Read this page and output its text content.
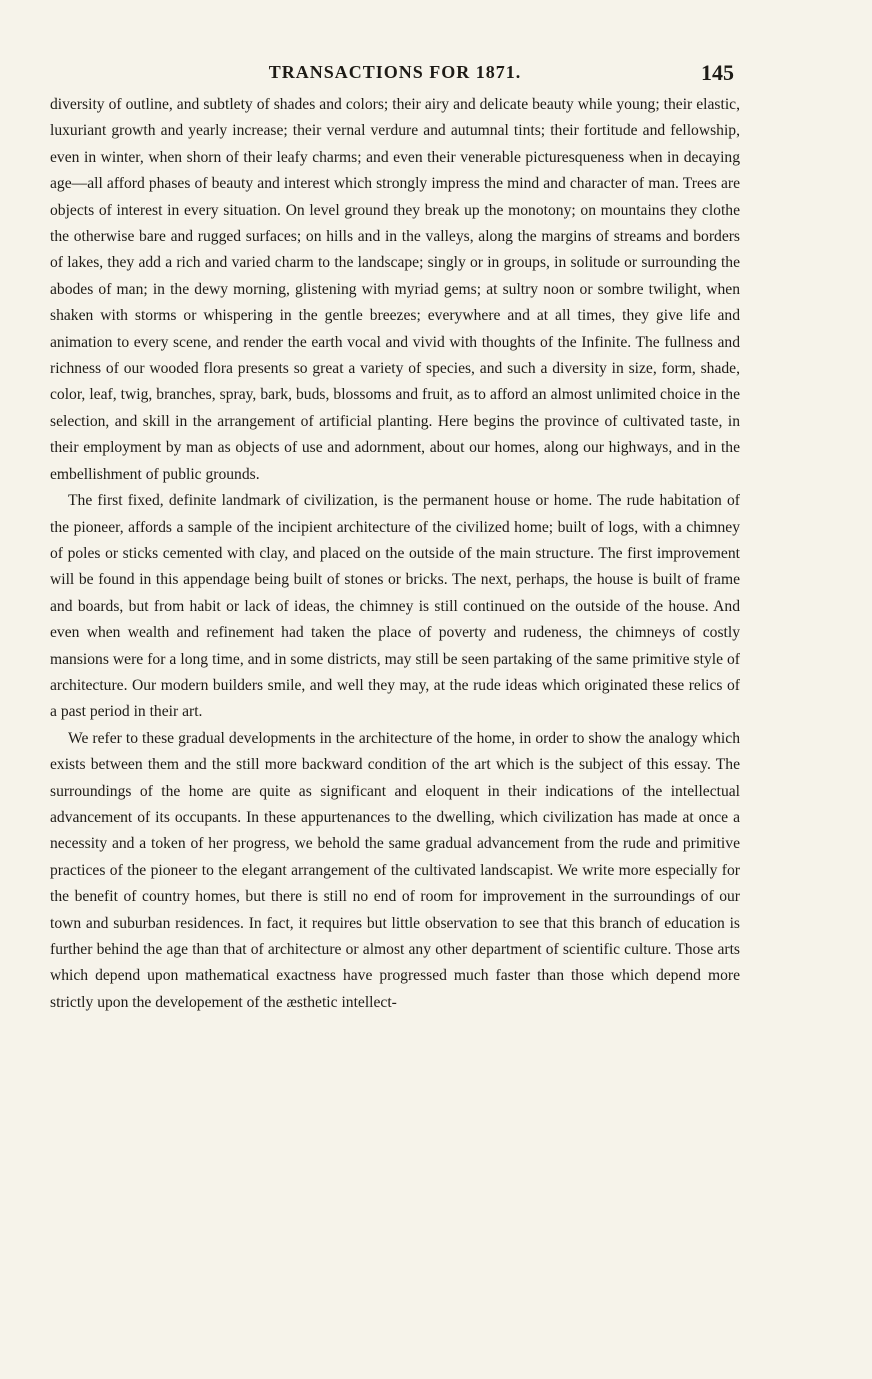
TRANSACTIONS FOR 1871.	145

diversity of outline, and subtlety of shades and colors; their airy and delicate beauty while young; their elastic, luxuriant growth and yearly increase; their vernal verdure and autumnal tints; their fortitude and fellowship, even in winter, when shorn of their leafy charms; and even their venerable picturesqueness when in decaying age—all afford phases of beauty and interest which strongly impress the mind and character of man. Trees are objects of interest in every situation. On level ground they break up the monotony; on mountains they clothe the otherwise bare and rugged surfaces; on hills and in the valleys, along the margins of streams and borders of lakes, they add a rich and varied charm to the landscape; singly or in groups, in solitude or surrounding the abodes of man; in the dewy morning, glistening with myriad gems; at sultry noon or sombre twilight, when shaken with storms or whispering in the gentle breezes; everywhere and at all times, they give life and animation to every scene, and render the earth vocal and vivid with thoughts of the Infinite. The fullness and richness of our wooded flora presents so great a variety of species, and such a diversity in size, form, shade, color, leaf, twig, branches, spray, bark, buds, blossoms and fruit, as to afford an almost unlimited choice in the selection, and skill in the arrangement of artificial planting. Here begins the province of cultivated taste, in their employment by man as objects of use and adornment, about our homes, along our highways, and in the embellishment of public grounds.

The first fixed, definite landmark of civilization, is the permanent house or home. The rude habitation of the pioneer, affords a sample of the incipient architecture of the civilized home; built of logs, with a chimney of poles or sticks cemented with clay, and placed on the outside of the main structure. The first improvement will be found in this appendage being built of stones or bricks. The next, perhaps, the house is built of frame and boards, but from habit or lack of ideas, the chimney is still continued on the outside of the house. And even when wealth and refinement had taken the place of poverty and rudeness, the chimneys of costly mansions were for a long time, and in some districts, may still be seen partaking of the same primitive style of architecture. Our modern builders smile, and well they may, at the rude ideas which originated these relics of a past period in their art.

We refer to these gradual developments in the architecture of the home, in order to show the analogy which exists between them and the still more backward condition of the art which is the subject of this essay. The surroundings of the home are quite as significant and eloquent in their indications of the intellectual advancement of its occupants. In these appurtenances to the dwelling, which civilization has made at once a necessity and a token of her progress, we behold the same gradual advancement from the rude and primitive practices of the pioneer to the elegant arrangement of the cultivated landscapist. We write more especially for the benefit of country homes, but there is still no end of room for improvement in the surroundings of our town and suburban residences. In fact, it requires but little observation to see that this branch of education is further behind the age than that of architecture or almost any other department of scientific culture. Those arts which depend upon mathematical exactness have progressed much faster than those which depend more strictly upon the developement of the æsthetic intellect-
